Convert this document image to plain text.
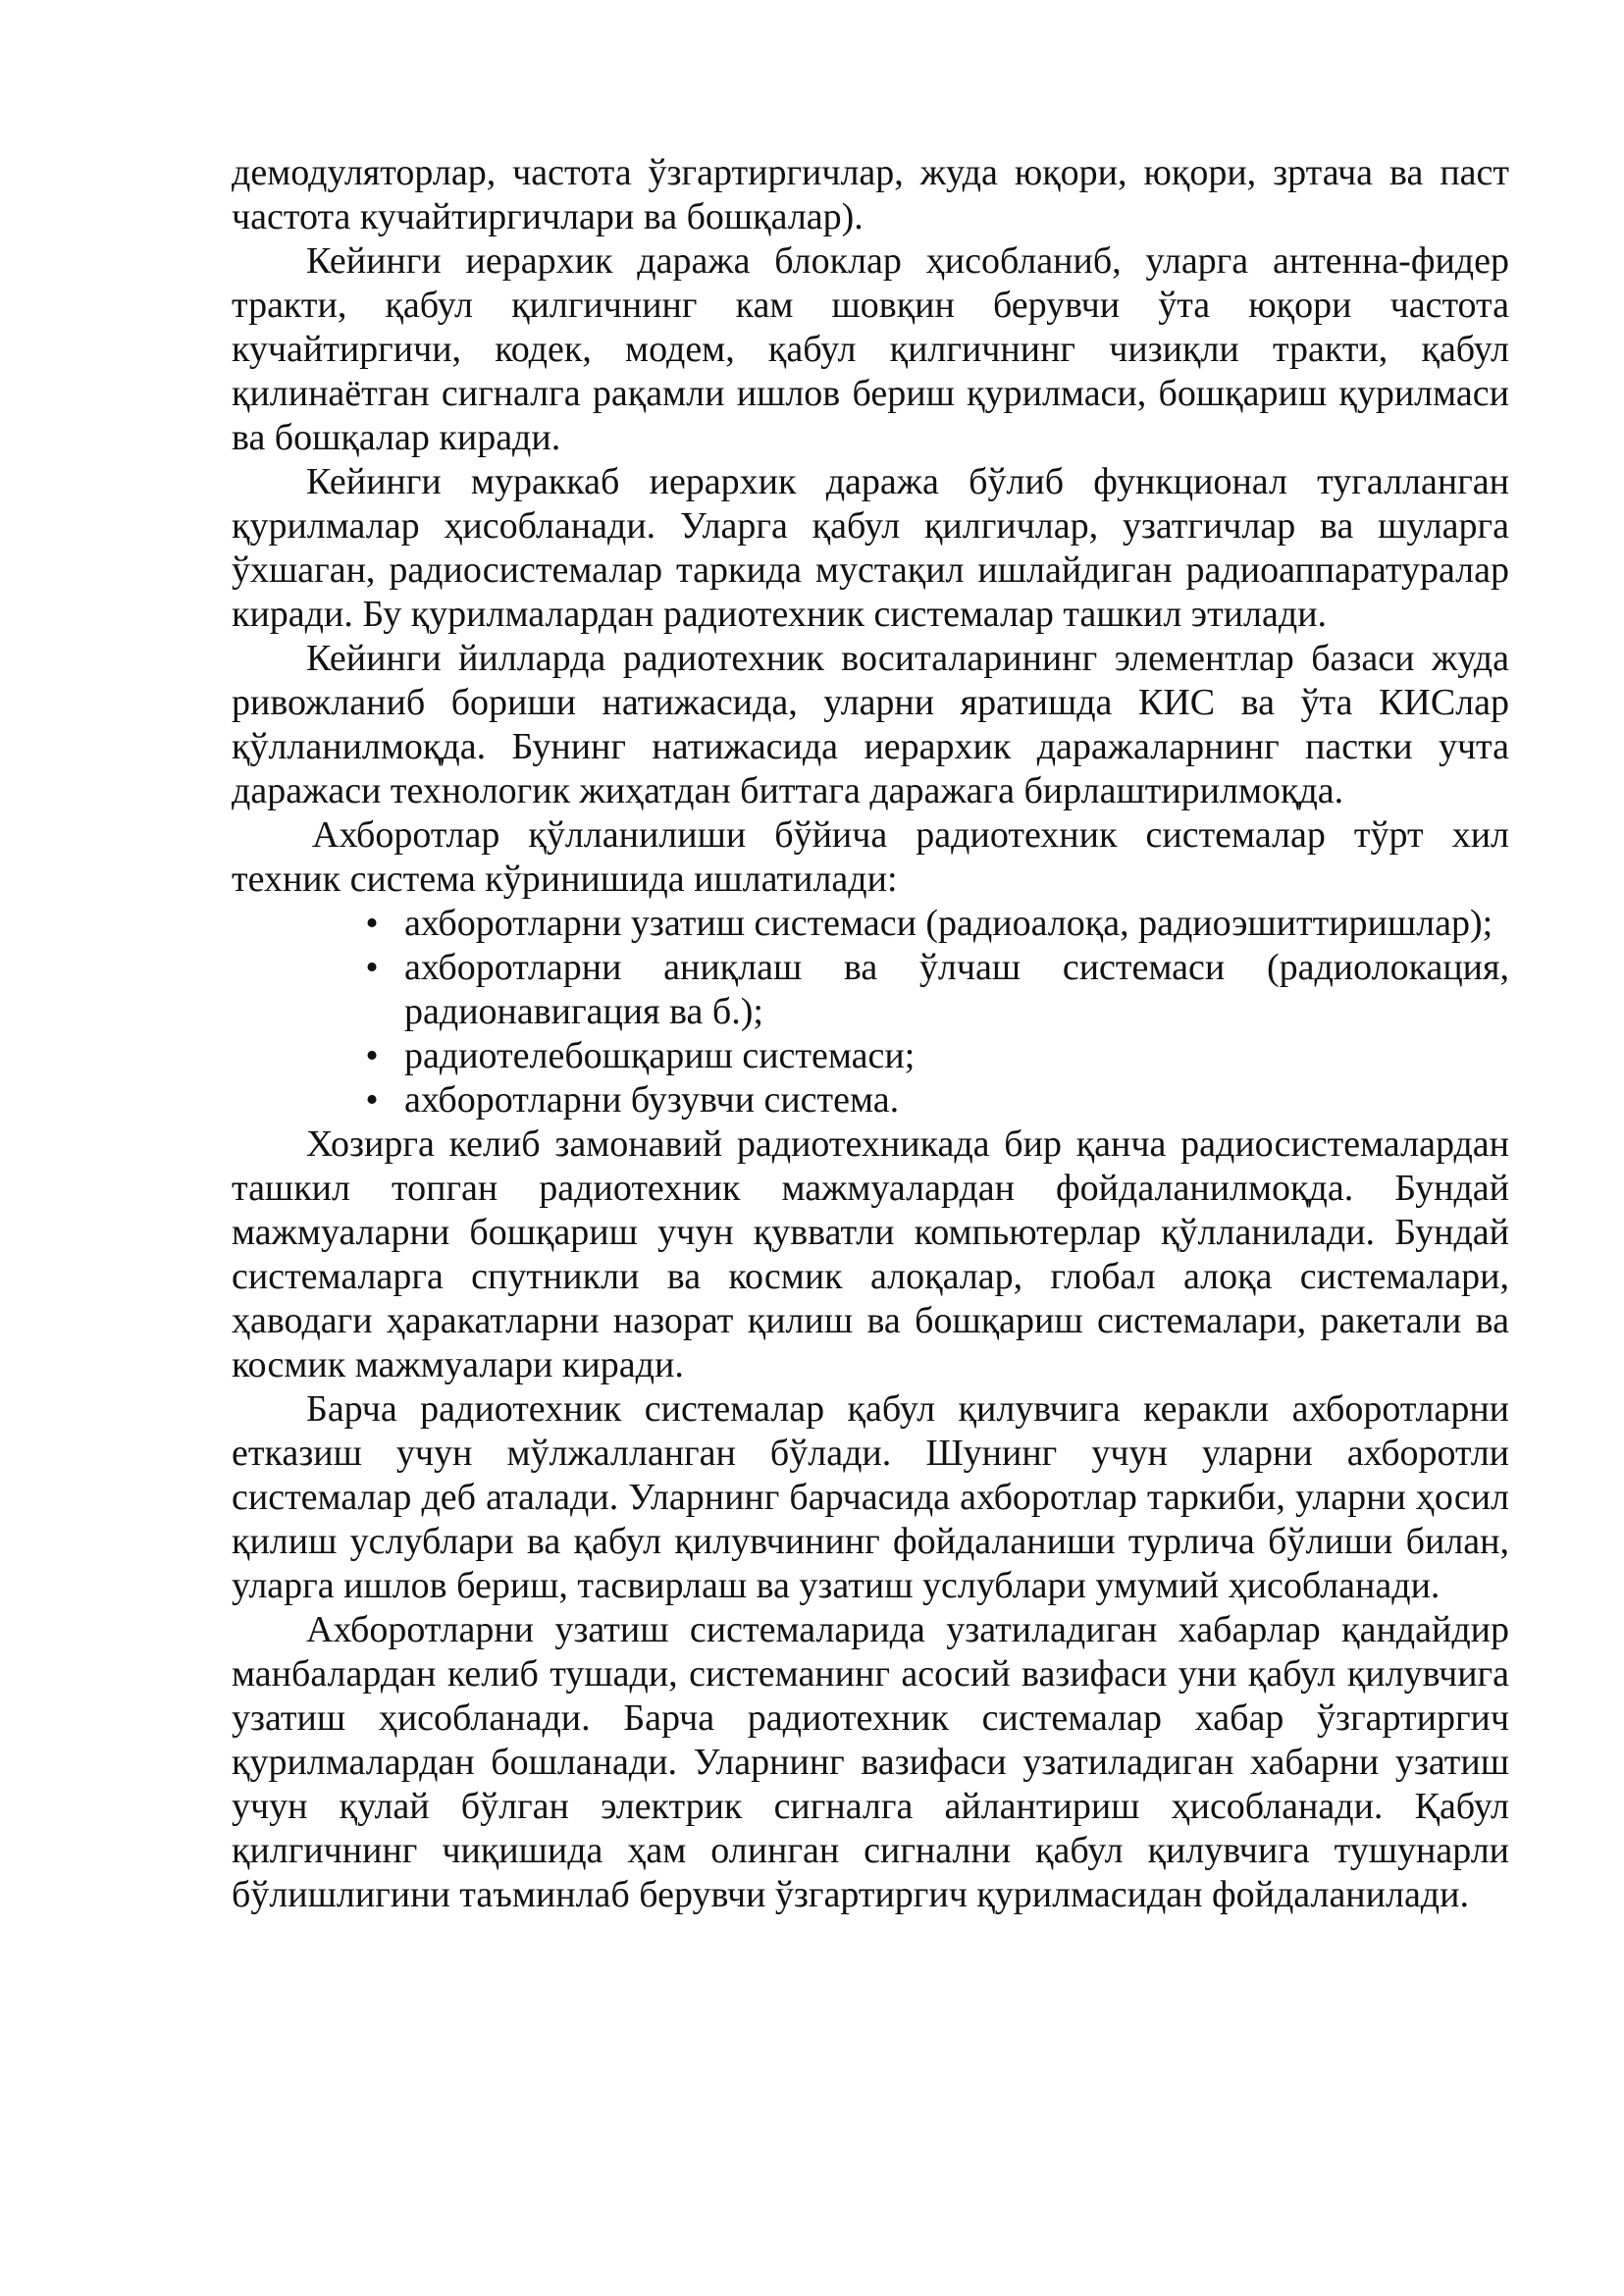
демодуляторлар, частота ўзгартиргичлар, жуда юқори, юқори, зртача ва паст частота кучайтиргичлари ва бошқалар).

Кейинги иерархик даража блоклар ҳисобланиб, уларга антенна-фидер тракти, қабул қилгичнинг кам шовқин берувчи ўта юқори частота кучайтиргичи, кодек, модем, қабул қилгичнинг чизиқли тракти, қабул қилинаётган сигналга рақамли ишлов бериш қурилмаси, бошқариш қурилмаси ва бошқалар киради.

Кейинги мураккаб иерархик даража бўлиб функционал тугалланган қурилмалар ҳисобланади. Уларга қабул қилгичлар, узатгичлар ва шуларга ўхшаган, радиосистемалар таркида мустақил ишлайдиган радиоаппаратуралар киради. Бу қурилмалардан радиотехник системалар ташкил этилади.

Кейинги йилларда радиотехник воситаларининг элементлар базаси жуда ривожланиб бориши натижасида, уларни яратишда КИС ва ўта КИСлар қўлланилмоқда. Бунинг натижасида иерархик даражаларнинг пастки учта даражаси технологик жиҳатдан биттага даражага бирлаштирилмоқда.

Ахборотлар қўлланилиши бўйича радиотехник системалар тўрт хил техник система кўринишида ишлатилади:

• ахборотларни узатиш системаси (радиоалоқа, радиоэшиттиришлар);
• ахборотларни аниқлаш ва ўлчаш системаси (радиолокация, радионавигация ва б.);
• радиотелебошқариш системаси;
• ахборотларни бузувчи система.

Хозирга келиб замонавий радиотехникада бир қанча радиосистемалардан ташкил топган радиотехник мажмуалардан фойдаланилмоқда. Бундай мажмуаларни бошқариш учун қувватли компьютерлар қўлланилади. Бундай системаларга спутникли ва космик алоқалар, глобал алоқа системалари, ҳаводаги ҳаракатларни назорат қилиш ва бошқариш системалари, ракетали ва космик мажмуалари киради.

Барча радиотехник системалар қабул қилувчига керакли ахборотларни етказиш учун мўлжалланган бўлади. Шунинг учун уларни ахборотли системалар деб аталади. Уларнинг барчасида ахборотлар таркиби, уларни ҳосил қилиш услублари ва қабул қилувчининг фойдаланиши турлича бўлиши билан, уларга ишлов бериш, тасвирлаш ва узатиш услублари умумий ҳисобланади.

Ахборотларни узатиш системаларида узатиладиган хабарлар қандайдир манбалардан келиб тушади, системанинг асосий вазифаси уни қабул қилувчига узатиш ҳисобланади. Барча радиотехник системалар хабар ўзгартиргич қурилмалардан бошланади. Уларнинг вазифаси узатиладиган хабарни узатиш учун қулай бўлган электрик сигналга айлантириш ҳисобланади. Қабул қилгичнинг чиқишида ҳам олинган сигнални қабул қилувчига тушунарли бўлишлигини таъминлаб берувчи ўзгартиргич қурилмасидан фойдаланилади.
